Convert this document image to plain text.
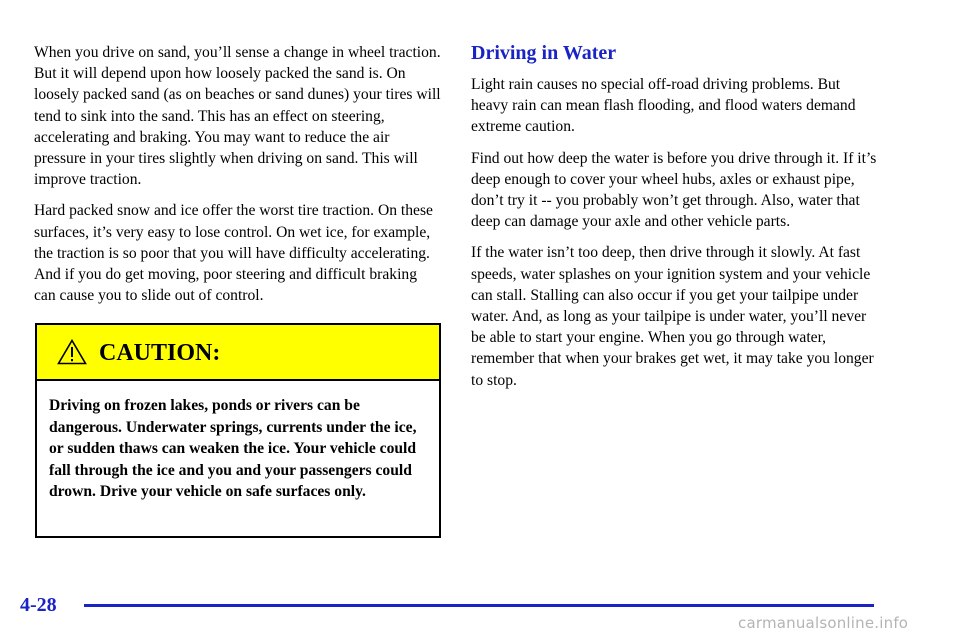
When you drive on sand, you’ll sense a change in wheel traction. But it will depend upon how loosely packed the sand is. On loosely packed sand (as on beaches or sand dunes) your tires will tend to sink into the sand. This has an effect on steering, accelerating and braking. You may want to reduce the air pressure in your tires slightly when driving on sand. This will improve traction.

Hard packed snow and ice offer the worst tire traction. On these surfaces, it’s very easy to lose control. On wet ice, for example, the traction is so poor that you will have difficulty accelerating. And if you do get moving, poor steering and difficult braking can cause you to slide out of control.

CAUTION:
Driving on frozen lakes, ponds or rivers can be dangerous. Underwater springs, currents under the ice, or sudden thaws can weaken the ice. Your vehicle could fall through the ice and you and your passengers could drown. Drive your vehicle on safe surfaces only.
Driving in Water

Light rain causes no special off-road driving problems. But heavy rain can mean flash flooding, and flood waters demand extreme caution.

Find out how deep the water is before you drive through it. If it’s deep enough to cover your wheel hubs, axles or exhaust pipe, don’t try it -- you probably won’t get through. Also, water that deep can damage your axle and other vehicle parts.

If the water isn’t too deep, then drive through it slowly. At fast speeds, water splashes on your ignition system and your vehicle can stall. Stalling can also occur if you get your tailpipe under water. And, as long as your tailpipe is under water, you’ll never be able to start your engine. When you go through water, remember that when your brakes get wet, it may take you longer to stop.

4-28
carmanualsonline.info
